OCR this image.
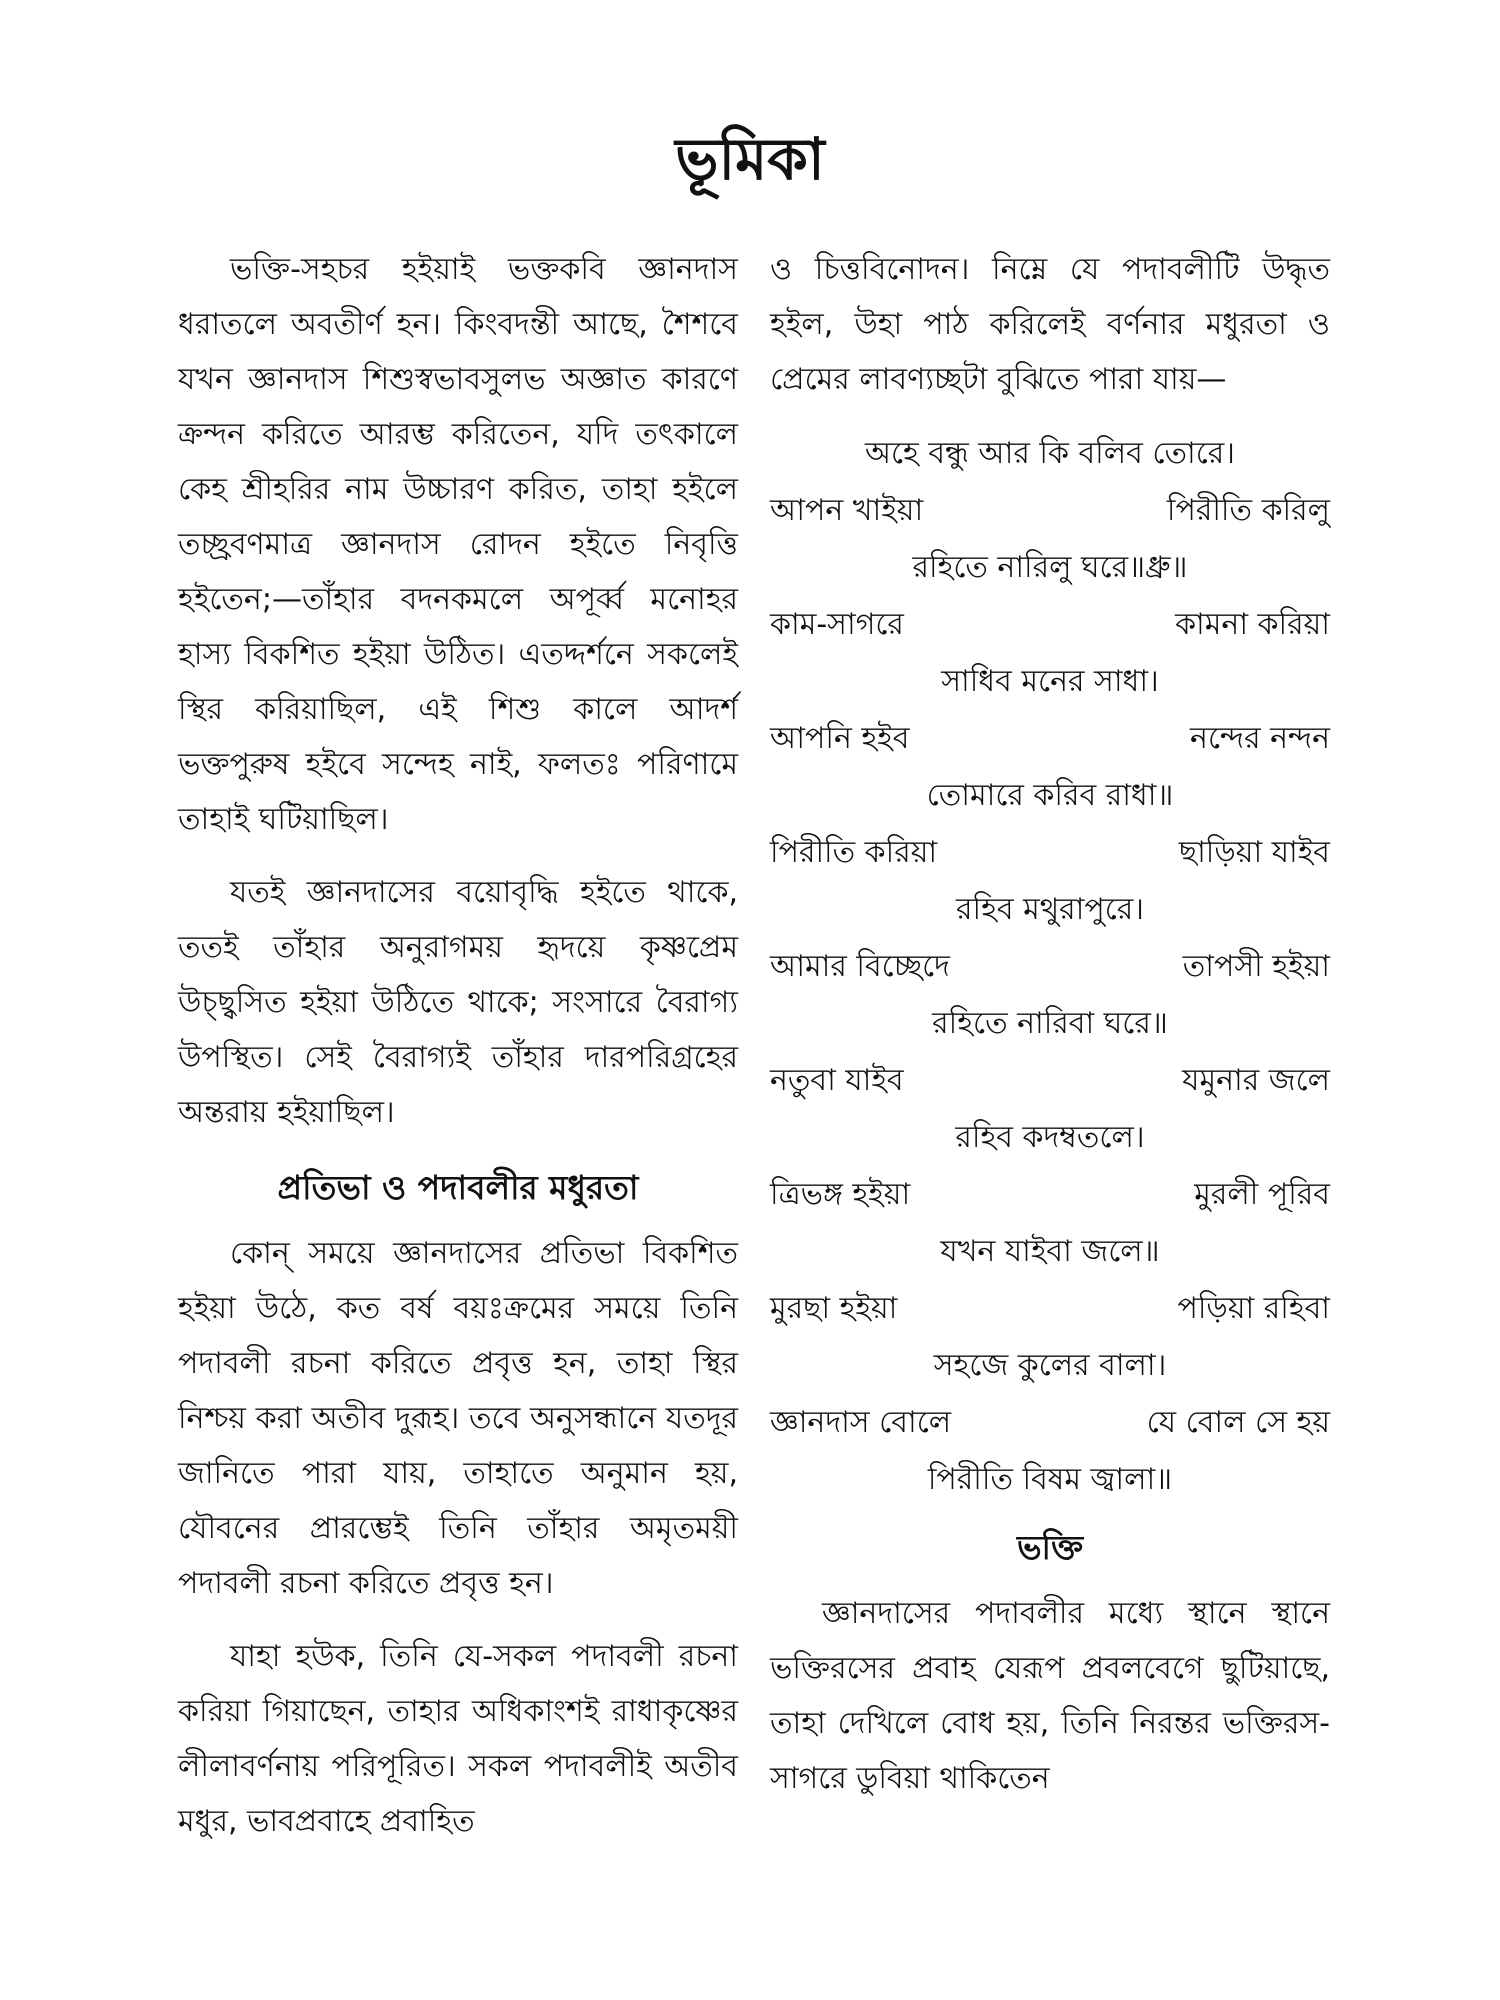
ভূমিকা

ভক্তি-সহচর হইয়াই ভক্তকবি জ্ঞানদাস ধরাতলে অবতীর্ণ হন। কিংবদন্তী আছে, শৈশবে যখন জ্ঞানদাস শিশুস্বভাবসুলভ অজ্ঞাত কারণে ক্রন্দন করিতে আরম্ভ করিতেন, যদি তৎকালে কেহ শ্রীহরির নাম উচ্চারণ করিত, তাহা হইলে তচ্ছ্রবণমাত্র জ্ঞানদাস রোদন হইতে নিবৃত্তি হইতেন;—তাঁহার বদনকমলে অপূর্ব্ব মনোহর হাস্য বিকশিত হইয়া উঠিত। এতদ্দর্শনে সকলেই স্থির করিয়াছিল, এই শিশু কালে আদর্শ ভক্তপুরুষ হইবে সন্দেহ নাই, ফলতঃ পরিণামে তাহাই ঘটিয়াছিল।

যতই জ্ঞানদাসের বয়োবৃদ্ধি হইতে থাকে, ততই তাঁহার অনুরাগময় হৃদয়ে কৃষ্ণপ্রেম উচ্ছ্বসিত হইয়া উঠিতে থাকে; সংসারে বৈরাগ্য উপস্থিত। সেই বৈরাগ্যই তাঁহার দারপরিগ্রহের অন্তরায় হইয়াছিল।

প্রতিভা ও পদাবলীর মধুরতা

কোন্ সময়ে জ্ঞানদাসের প্রতিভা বিকশিত হইয়া উঠে, কত বর্ষ বয়ঃক্রমের সময়ে তিনি পদাবলী রচনা করিতে প্রবৃত্ত হন, তাহা স্থির নিশ্চয় করা অতীব দুরূহ। তবে অনুসন্ধানে যতদূর জানিতে পারা যায়, তাহাতে অনুমান হয়, যৌবনের প্রারম্ভেই তিনি তাঁহার অমৃতময়ী পদাবলী রচনা করিতে প্রবৃত্ত হন।

যাহা হউক, তিনি যে-সকল পদাবলী রচনা করিয়া গিয়াছেন, তাহার অধিকাংশই রাধাকৃষ্ণের লীলাবর্ণনায় পরিপূরিত। সকল পদাবলীই অতীব মধুর, ভাবপ্রবাহে প্রবাহিত

ও চিত্তবিনোদন। নিম্নে যে পদাবলীটি উদ্ধৃত হইল, উহা পাঠ করিলেই বর্ণনার মধুরতা ও প্রেমের লাবণ্যচ্ছটা বুঝিতে পারা যায়—

অহে বন্ধু আর কি বলিব তোরে।
আপন খাইয়া	পিরীতি করিলু
রহিতে নারিলু ঘরে॥ধ্রু॥
কাম-সাগরে	কামনা করিয়া
সাধিব মনের সাধা।
আপনি হইব	নন্দের নন্দন
তোমারে করিব রাধা॥
পিরীতি করিয়া	ছাড়িয়া যাইব
রহিব মথুরাপুরে।
আমার বিচ্ছেদে	তাপসী হইয়া
রহিতে নারিবা ঘরে॥
নতুবা যাইব	যমুনার জলে
রহিব কদম্বতলে।
ত্রিভঙ্গ হইয়া	মুরলী পূরিব
যখন যাইবা জলে॥
মুরছা হইয়া	পড়িয়া রহিবা
সহজে কুলের বালা।
জ্ঞানদাস বোলে	যে বোল সে হয়
পিরীতি বিষম জ্বালা॥
ভক্তি

জ্ঞানদাসের পদাবলীর মধ্যে স্থানে স্থানে ভক্তিরসের প্রবাহ যেরূপ প্রবলবেগে ছুটিয়াছে, তাহা দেখিলে বোধ হয়, তিনি নিরন্তর ভক্তিরস-সাগরে ডুবিয়া থাকিতেন
